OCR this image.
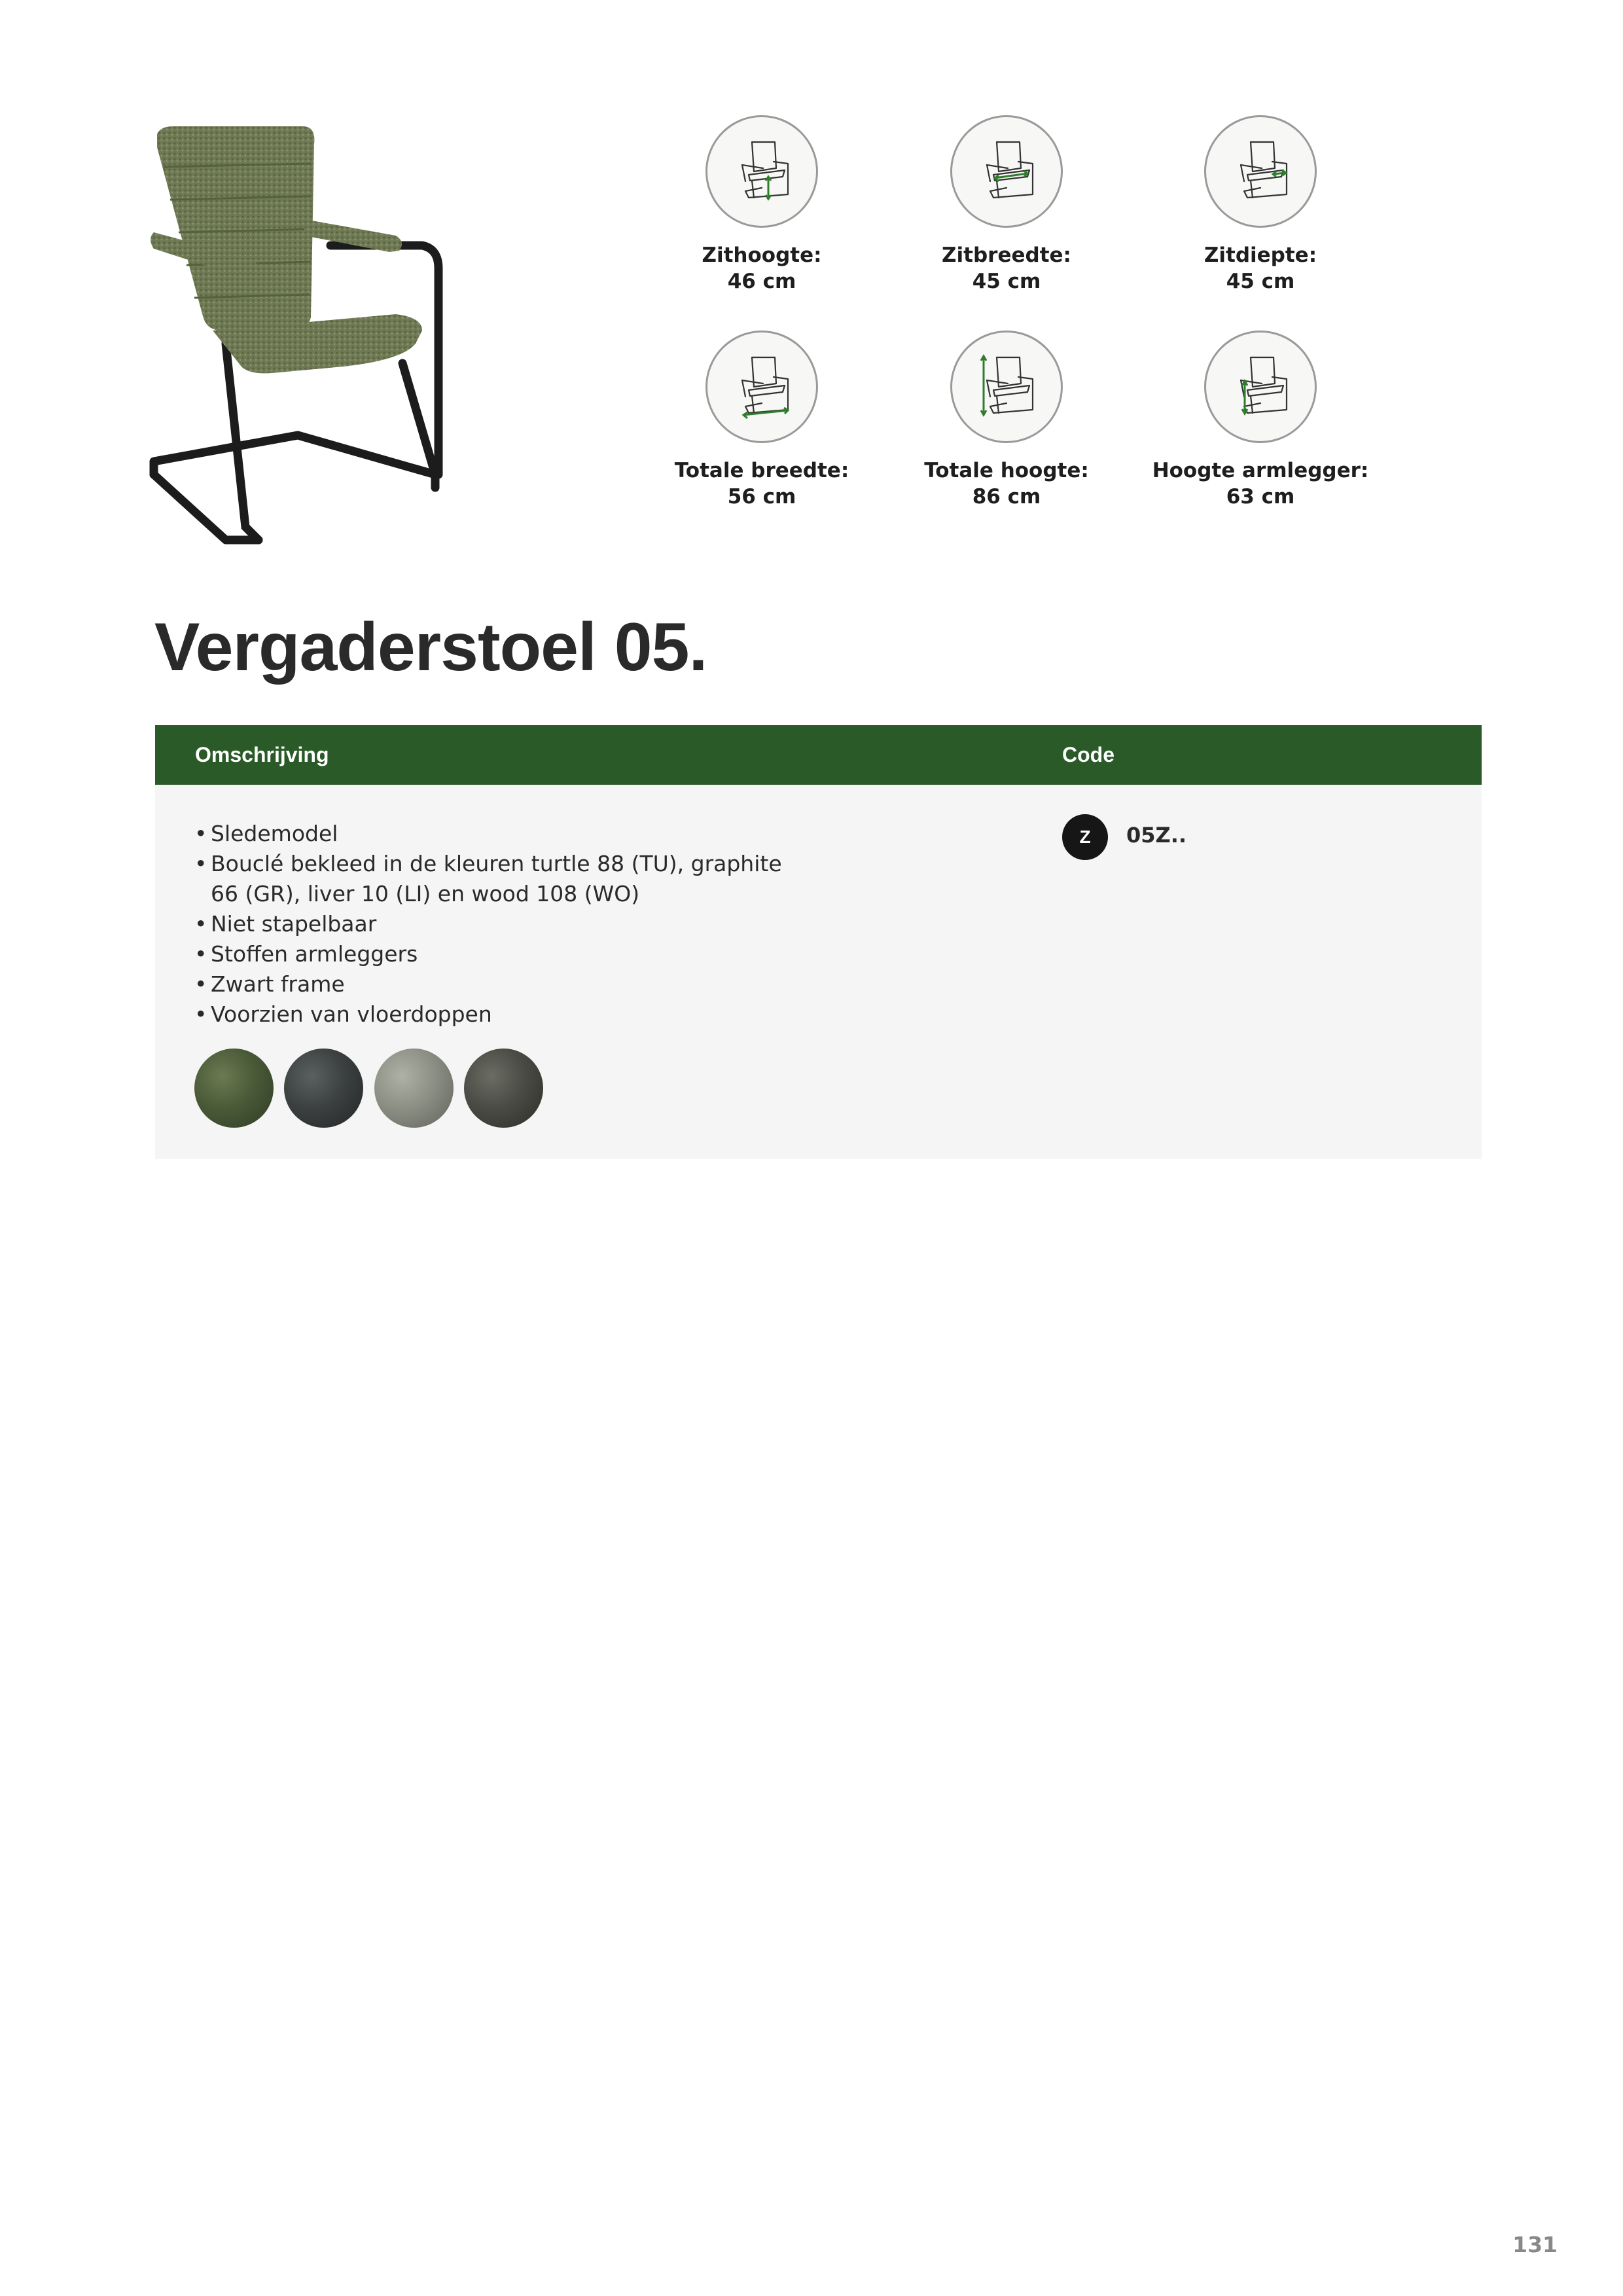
Zithoogte:
46 cm
Zitbreedte:
45 cm
Zitdiepte:
45 cm
Totale breedte:
56 cm
Totale hoogte:
86 cm
Hoogte armlegger:
63 cm
Vergaderstoel 05.
Omschrijving	Code
• Sledemodel
• Bouclé bekleed in de kleuren turtle 88 (TU), graphite 66 (GR), liver 10 (LI) en wood 108 (WO)
• Niet stapelbaar
• Stoffen armleggers
• Zwart frame
• Voorzien van vloerdoppen
Z	05Z..
131
